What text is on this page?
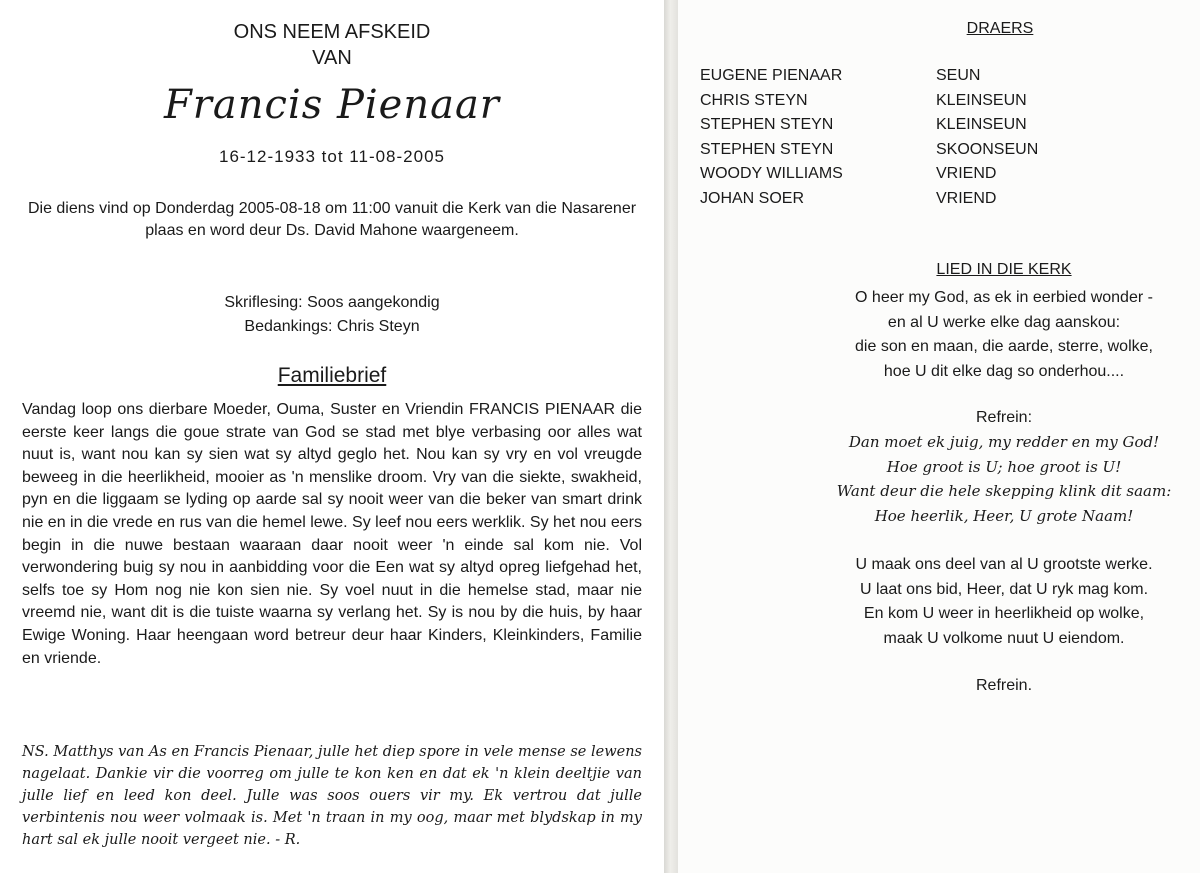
ONS NEEM AFSKEID
VAN
Francis Pienaar
16-12-1933 tot 11-08-2005
Die diens vind op Donderdag 2005-08-18 om 11:00 vanuit die Kerk van die Nasarener plaas en word deur Ds. David Mahone waargeneem.
Skriflesing: Soos aangekondig
Bedankings: Chris Steyn
Familiebrief
Vandag loop ons dierbare Moeder, Ouma, Suster en Vriendin FRANCIS PIENAAR die eerste keer langs die goue strate van God se stad met blye verbasing oor alles wat nuut is, want nou kan sy sien wat sy altyd geglo het. Nou kan sy vry en vol vreugde beweeg in die heerlikheid, mooier as 'n menslike droom. Vry van die siekte, swakheid, pyn en die liggaam se lyding op aarde sal sy nooit weer van die beker van smart drink nie en in die vrede en rus van die hemel lewe. Sy leef nou eers werklik. Sy het nou eers begin in die nuwe bestaan waaraan daar nooit weer 'n einde sal kom nie. Vol verwondering buig sy nou in aanbidding voor die Een wat sy altyd opreg liefgehad het, selfs toe sy Hom nog nie kon sien nie. Sy voel nuut in die hemelse stad, maar nie vreemd nie, want dit is die tuiste waarna sy verlang het. Sy is nou by die huis, by haar Ewige Woning. Haar heengaan word betreur deur haar Kinders, Kleinkinders, Familie en vriende.
NS. Matthys van As en Francis Pienaar, julle het diep spore in vele mense se lewens nagelaat. Dankie vir die voorreg om julle te kon ken en dat ek 'n klein deeltjie van julle lief en leed kon deel. Julle was soos ouers vir my. Ek vertrou dat julle verbintenis nou weer volmaak is. Met 'n traan in my oog, maar met blydskap in my hart sal ek julle nooit vergeet nie. - R.
DRAERS
EUGENE PIENAAR	SEUN
CHRIS STEYN	KLEINSEUN
STEPHEN STEYN	KLEINSEUN
STEPHEN STEYN	SKOONSEUN
WOODY WILLIAMS	VRIEND
JOHAN SOER	VRIEND
LIED IN DIE KERK
O heer my God, as ek in eerbied wonder -
en al U werke elke dag aanskou:
die son en maan, die aarde, sterre, wolke,
hoe U dit elke dag so onderhou....
Refrein:
Dan moet ek juig, my redder en my God!
Hoe groot is U; hoe groot is U!
Want deur die hele skepping klink dit saam:
Hoe heerlik, Heer, U grote Naam!
U maak ons deel van al U grootste werke.
U laat ons bid, Heer, dat U ryk mag kom.
En kom U weer in heerlikheid op wolke,
maak U volkome nuut U eiendom.
Refrein.
